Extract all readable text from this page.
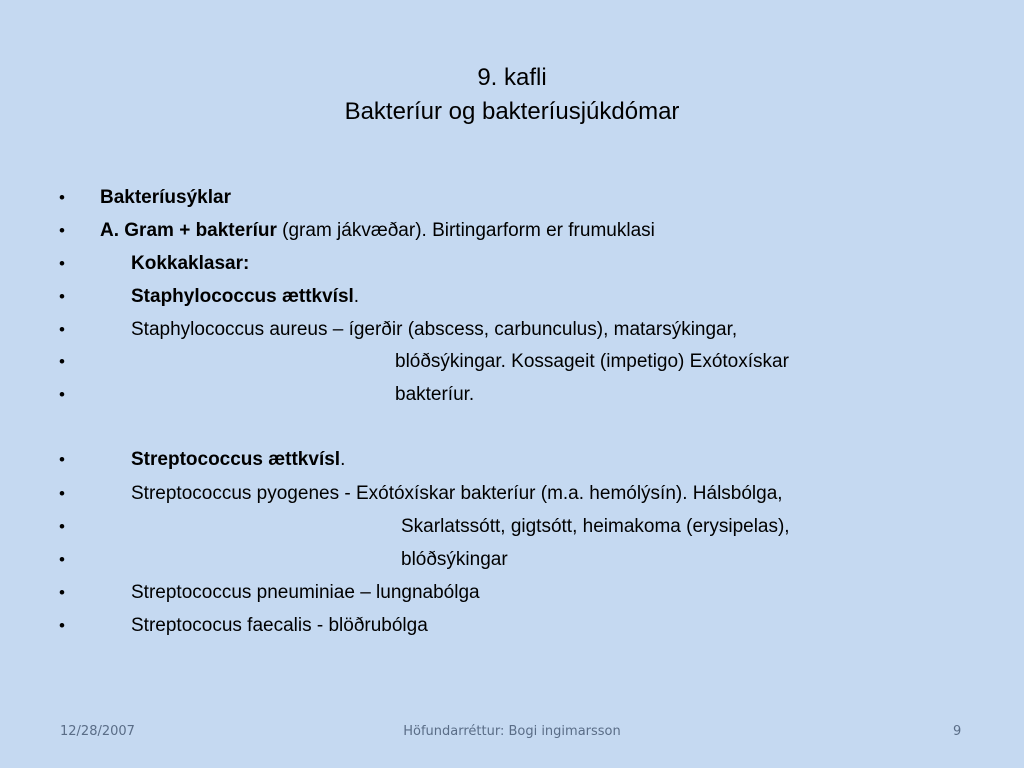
9. kafli
Bakteríur og bakteríusjúkdómar
• Bakteríusýklar
• A. Gram + bakteríur (gram jákvæðar). Birtingarform er frumuklasi
•	Kokkaklasar:
•	Staphylococcus ættkvísl.
•	Staphylococcus aureus – ígerðir (abscess, carbunculus), matarsýkingar,
•	blóðsýkingar. Kossageit (impetigo) Exótoxískar
•	bakteríur.
•	Streptococcus ættkvísl.
•	Streptococcus pyogenes - Exótóxískar bakteríur (m.a. hemólýsín). Hálsbólga,
•	Skarlatssótt, gigtsótt, heimakoma (erysipelas),
•	blóðsýkingar
•	Streptococcus pneuminiae – lungnabólga
•	Streptococus faecalis - blöðrubólga
12/28/2007	Höfundarréttur: Bogi ingimarsson	9
